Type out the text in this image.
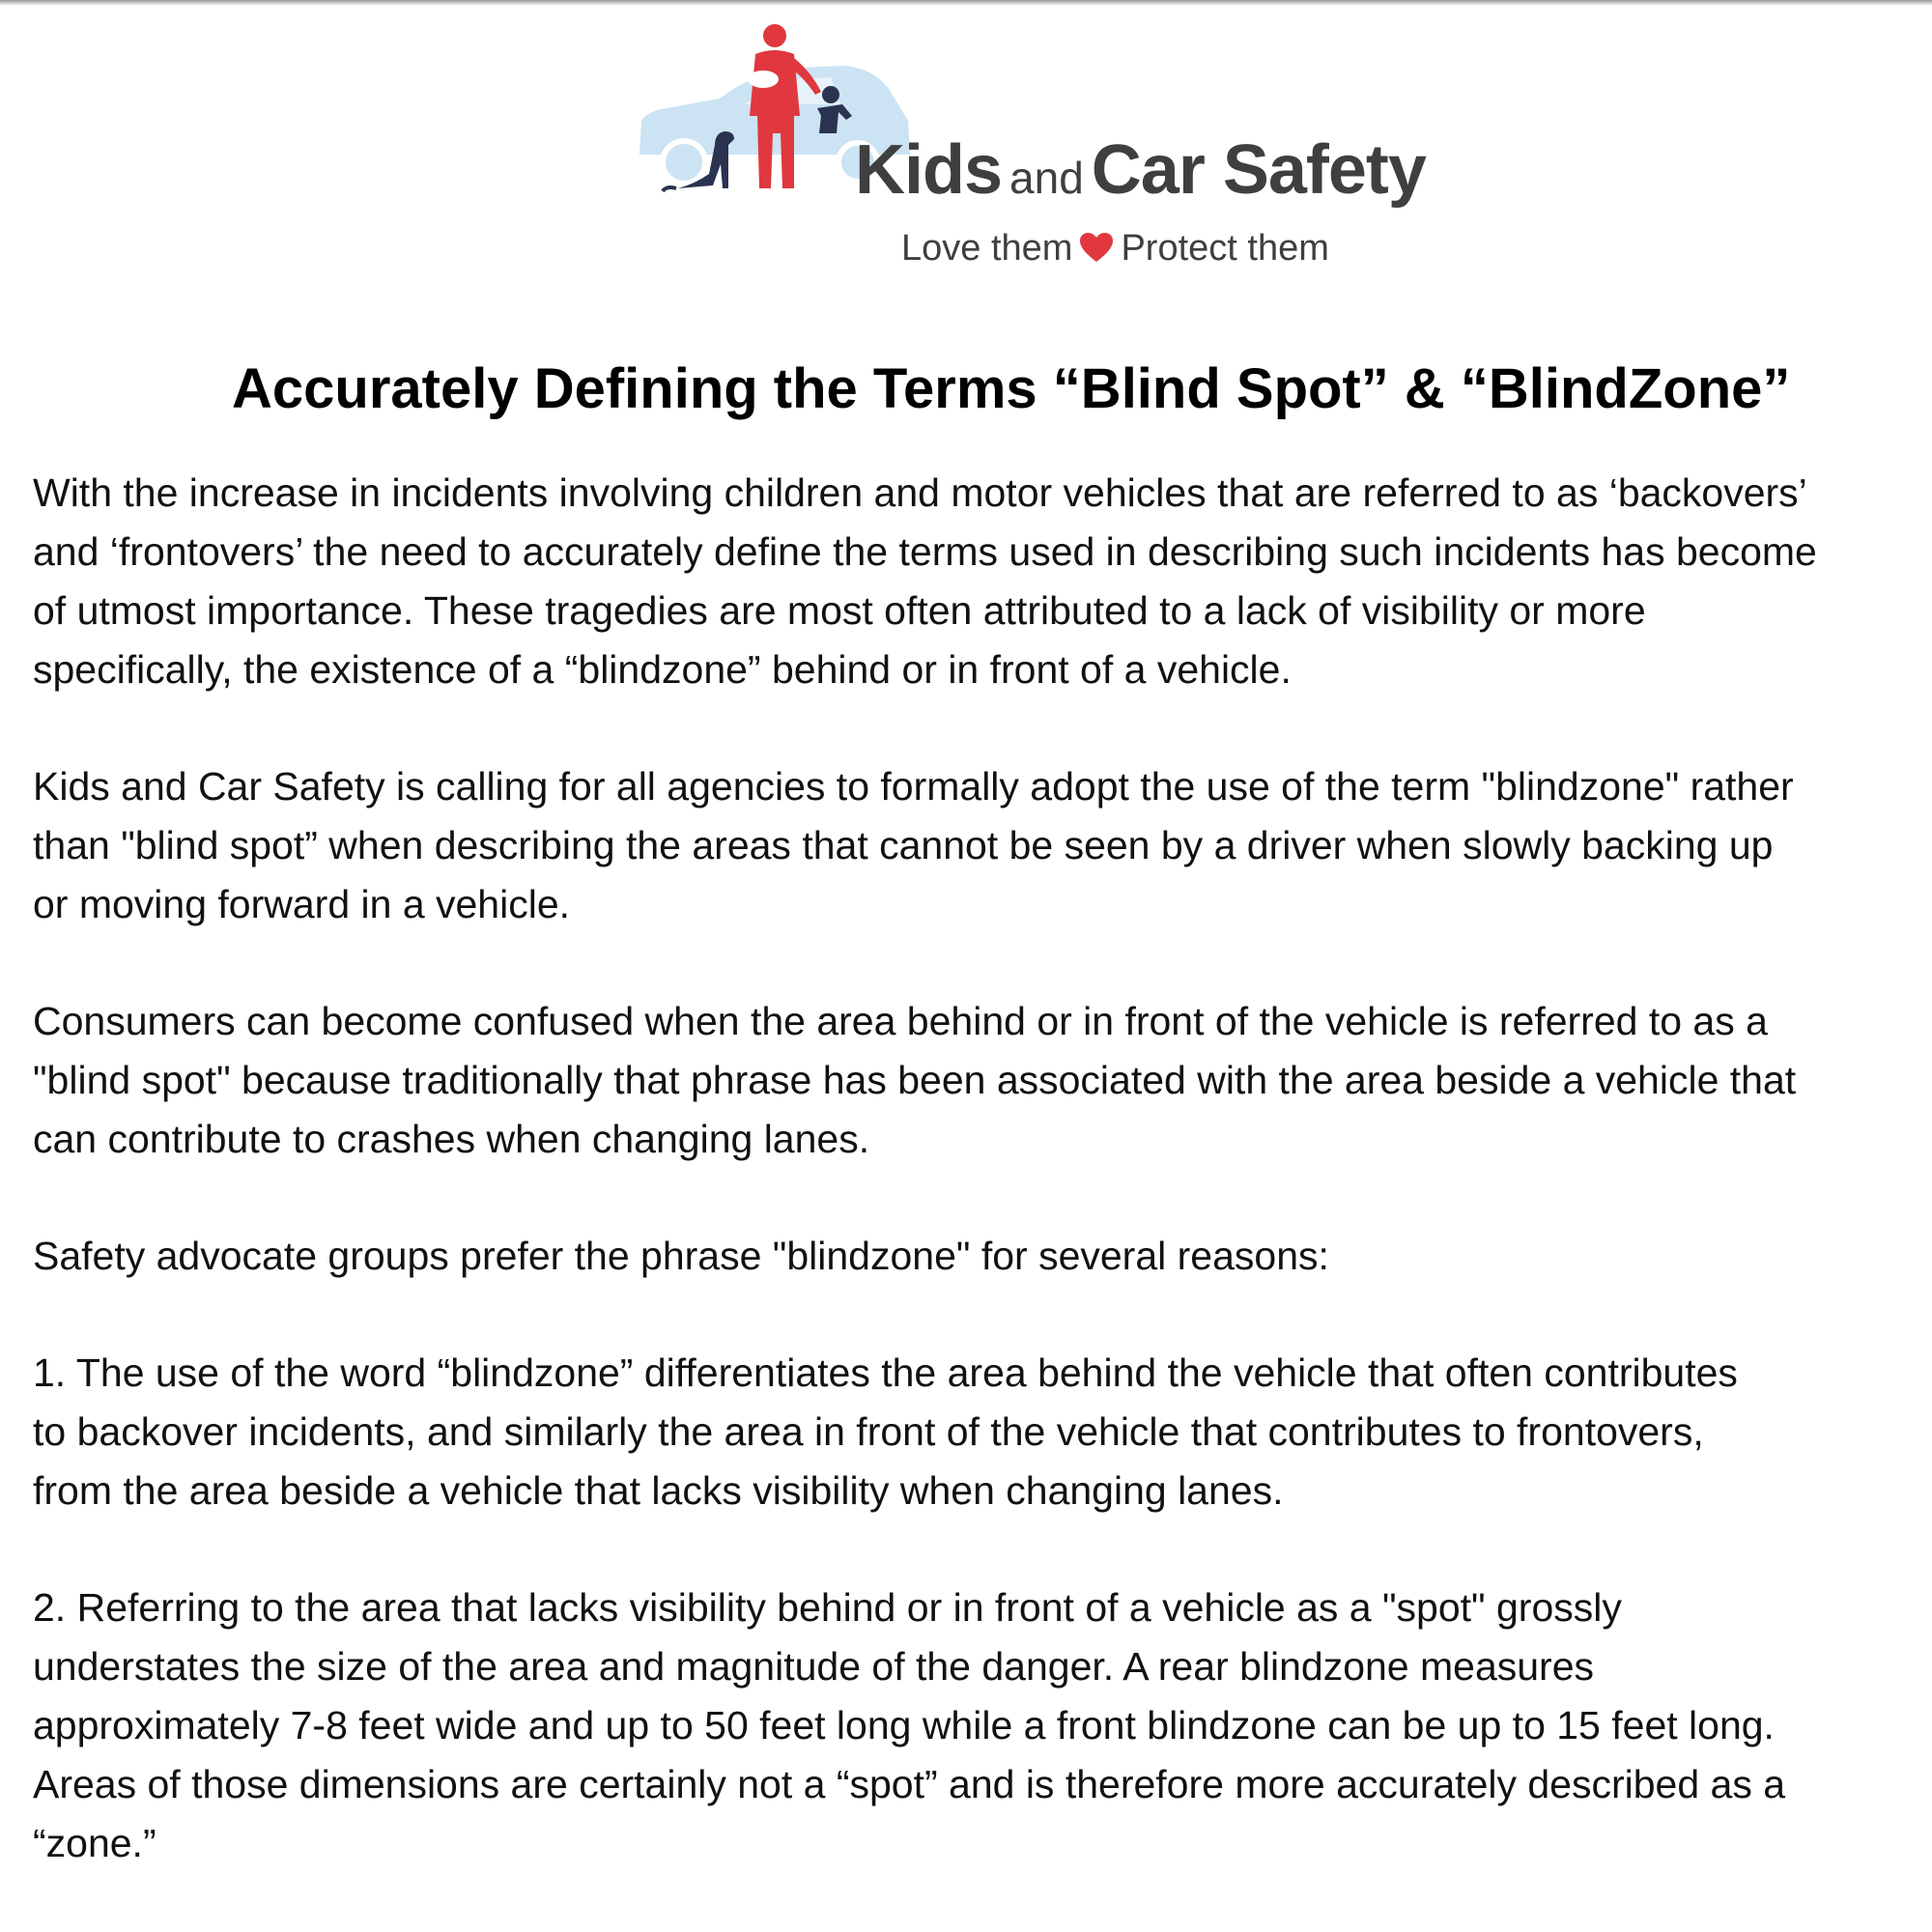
Kids and Car Safety
Love them Protect them
Accurately Defining the Terms “Blind Spot” & “BlindZone”

With the increase in incidents involving children and motor vehicles that are referred to as ‘backovers’
and ‘frontovers’ the need to accurately define the terms used in describing such incidents has become
of utmost importance. These tragedies are most often attributed to a lack of visibility or more
specifically, the existence of a “blindzone” behind or in front of a vehicle.

Kids and Car Safety is calling for all agencies to formally adopt the use of the term "blindzone" rather
than "blind spot” when describing the areas that cannot be seen by a driver when slowly backing up
or moving forward in a vehicle.

Consumers can become confused when the area behind or in front of the vehicle is referred to as a
"blind spot" because traditionally that phrase has been associated with the area beside a vehicle that
can contribute to crashes when changing lanes.

Safety advocate groups prefer the phrase "blindzone" for several reasons:

1. The use of the word “blindzone” differentiates the area behind the vehicle that often contributes
to backover incidents, and similarly the area in front of the vehicle that contributes to frontovers,
from the area beside a vehicle that lacks visibility when changing lanes.

2. Referring to the area that lacks visibility behind or in front of a vehicle as a "spot" grossly
understates the size of the area and magnitude of the danger. A rear blindzone measures
approximately 7-8 feet wide and up to 50 feet long while a front blindzone can be up to 15 feet long.
Areas of those dimensions are certainly not a “spot” and is therefore more accurately described as a
“zone.”
